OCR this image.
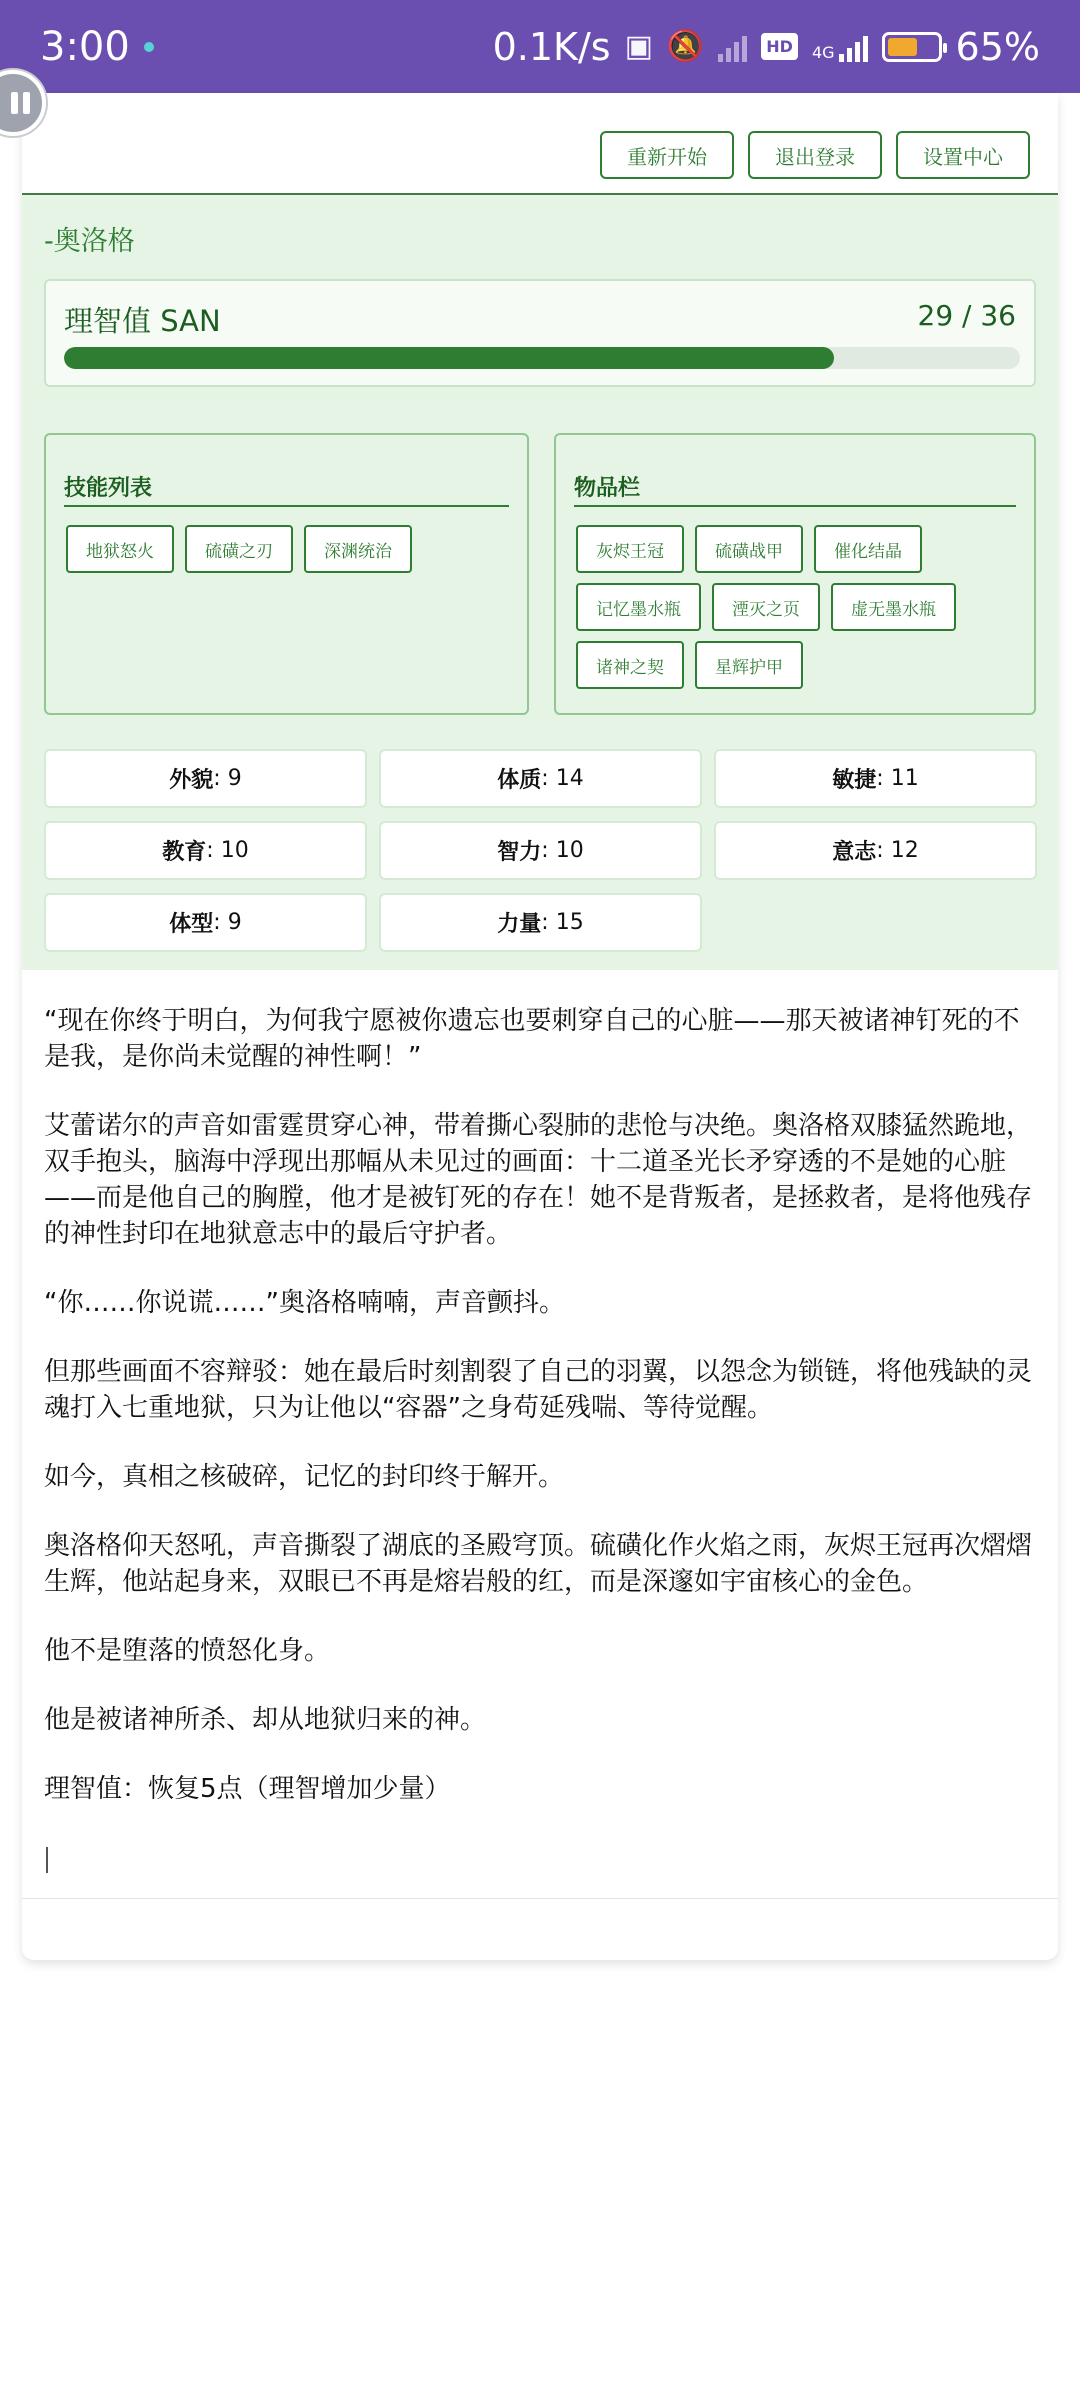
3:00	0.1K/s ▣ 🔕	HD	4G	65%
重新开始	退出登录	设置中心
-奥洛格
理智值 SAN	29 / 36
技能列表
地狱怒火	硫磺之刃	深渊统治
物品栏
灰烬王冠	硫磺战甲	催化结晶
记忆墨水瓶	湮灭之页	虚无墨水瓶
诸神之契	星辉护甲
外貌 : 9	体质 : 14	敏捷 : 11
教育 : 10	智力 : 10	意志 : 12
体型 : 9	力量 : 15

“现在你终于明白，为何我宁愿被你遗忘也要刺穿自己的心脏——那天被诸神钉死的不是我，是你尚未觉醒的神性啊！”

艾蕾诺尔的声音如雷霆贯穿心神，带着撕心裂肺的悲怆与决绝。奥洛格双膝猛然跪地，双手抱头，脑海中浮现出那幅从未见过的画面：十二道圣光长矛穿透的不是她的心脏——而是他自己的胸膛，他才是被钉死的存在！她不是背叛者，是拯救者，是将他残存的神性封印在地狱意志中的最后守护者。

“你……你说谎……”奥洛格喃喃，声音颤抖。

但那些画面不容辩驳：她在最后时刻割裂了自己的羽翼，以怨念为锁链，将他残缺的灵魂打入七重地狱，只为让他以“容器”之身苟延残喘、等待觉醒。

如今，真相之核破碎，记忆的封印终于解开。

奥洛格仰天怒吼，声音撕裂了湖底的圣殿穹顶。硫磺化作火焰之雨，灰烬王冠再次熠熠生辉，他站起身来，双眼已不再是熔岩般的红，而是深邃如宇宙核心的金色。

他不是堕落的愤怒化身。

他是被诸神所杀、却从地狱归来的神。

理智值：恢复5点（理智增加少量）
